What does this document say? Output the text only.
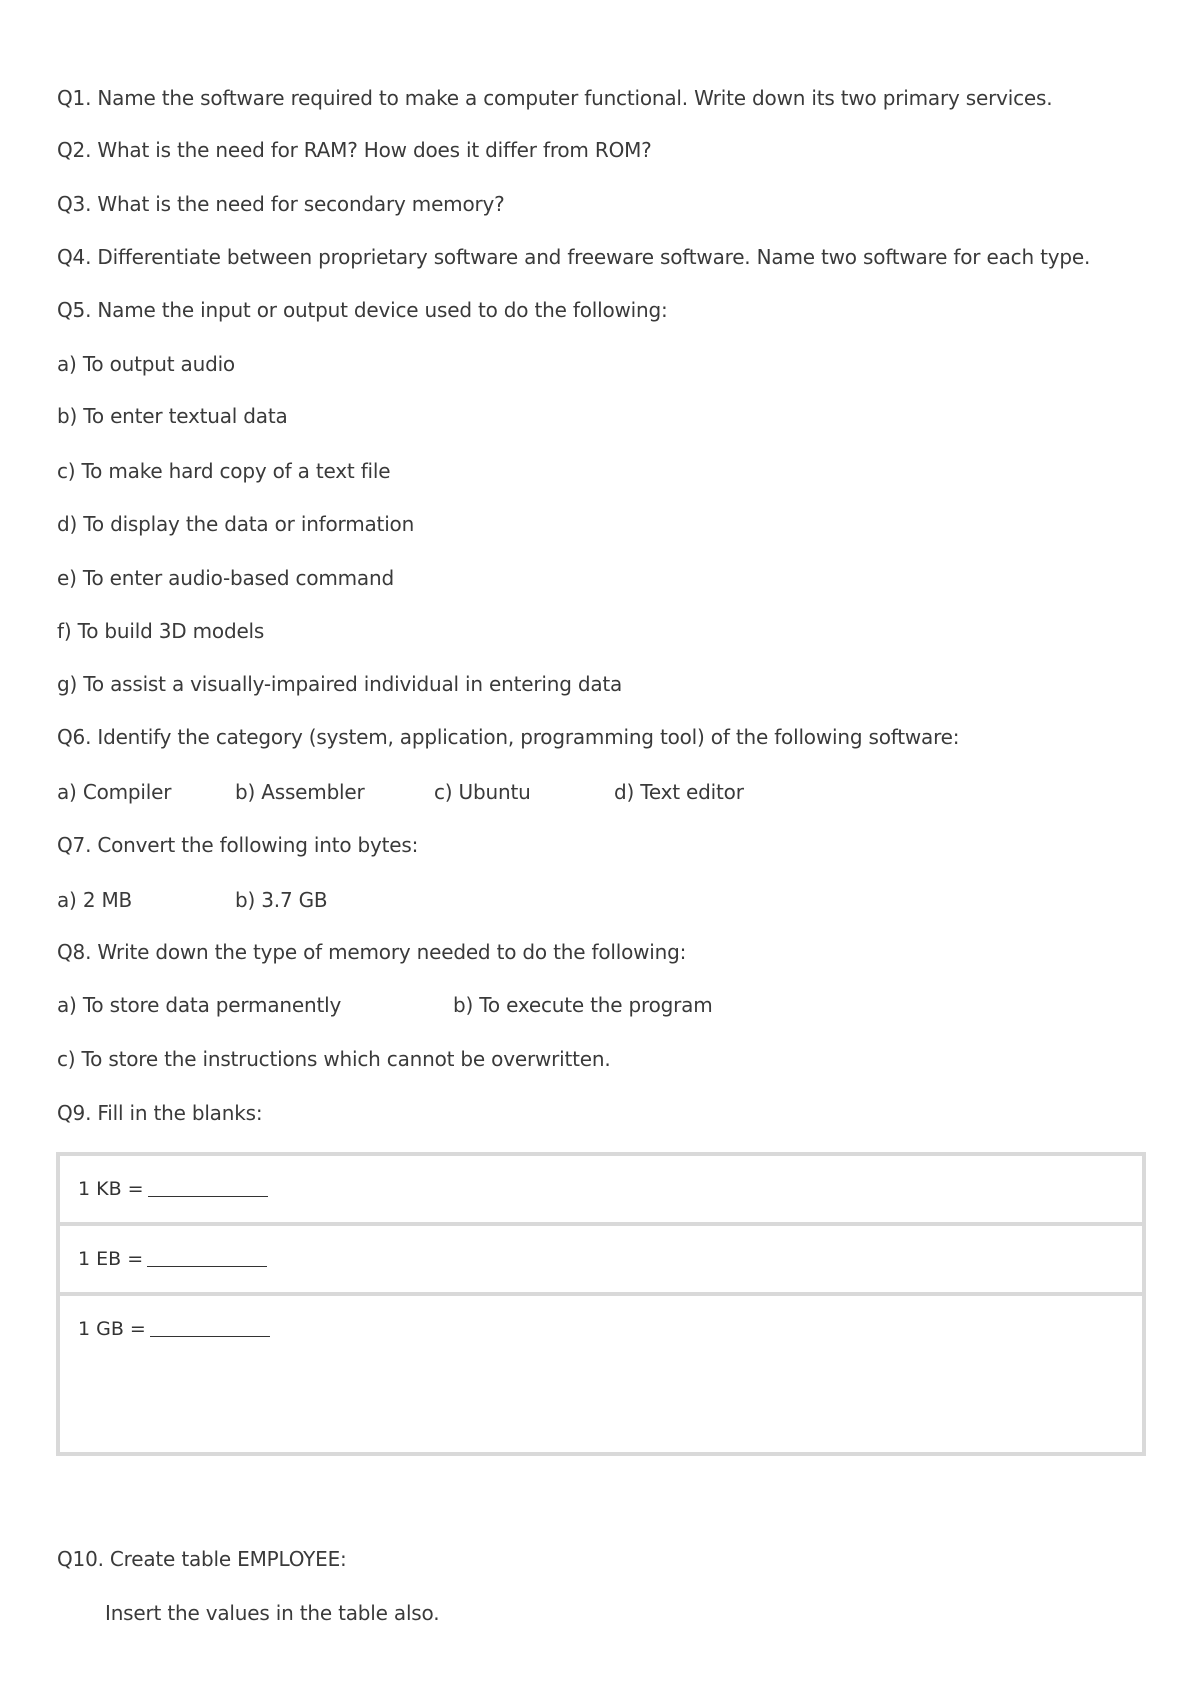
Q1. Name the software required to make a computer functional. Write down its two primary services.
Q2. What is the need for RAM? How does it differ from ROM?
Q3. What is the need for secondary memory?
Q4. Differentiate between proprietary software and freeware software. Name two software for each type.
Q5. Name the input or output device used to do the following:
a) To output audio
b) To enter textual data
c) To make hard copy of a text file
d) To display the data or information
e) To enter audio-based command
f) To build 3D models
g) To assist a visually-impaired individual in entering data
Q6. Identify the category (system, application, programming tool) of the following software:
a) Compiler	b) Assembler	c) Ubuntu	d) Text editor
Q7. Convert the following into bytes:
a) 2 MB	b) 3.7 GB
Q8. Write down the type of memory needed to do the following:
a) To store data permanently	b) To execute the program
c) To store the instructions which cannot be overwritten.
Q9. Fill in the blanks:
1 KB =
1 EB =
1 GB =
Q10. Create table EMPLOYEE:
Insert the values in the table also.
